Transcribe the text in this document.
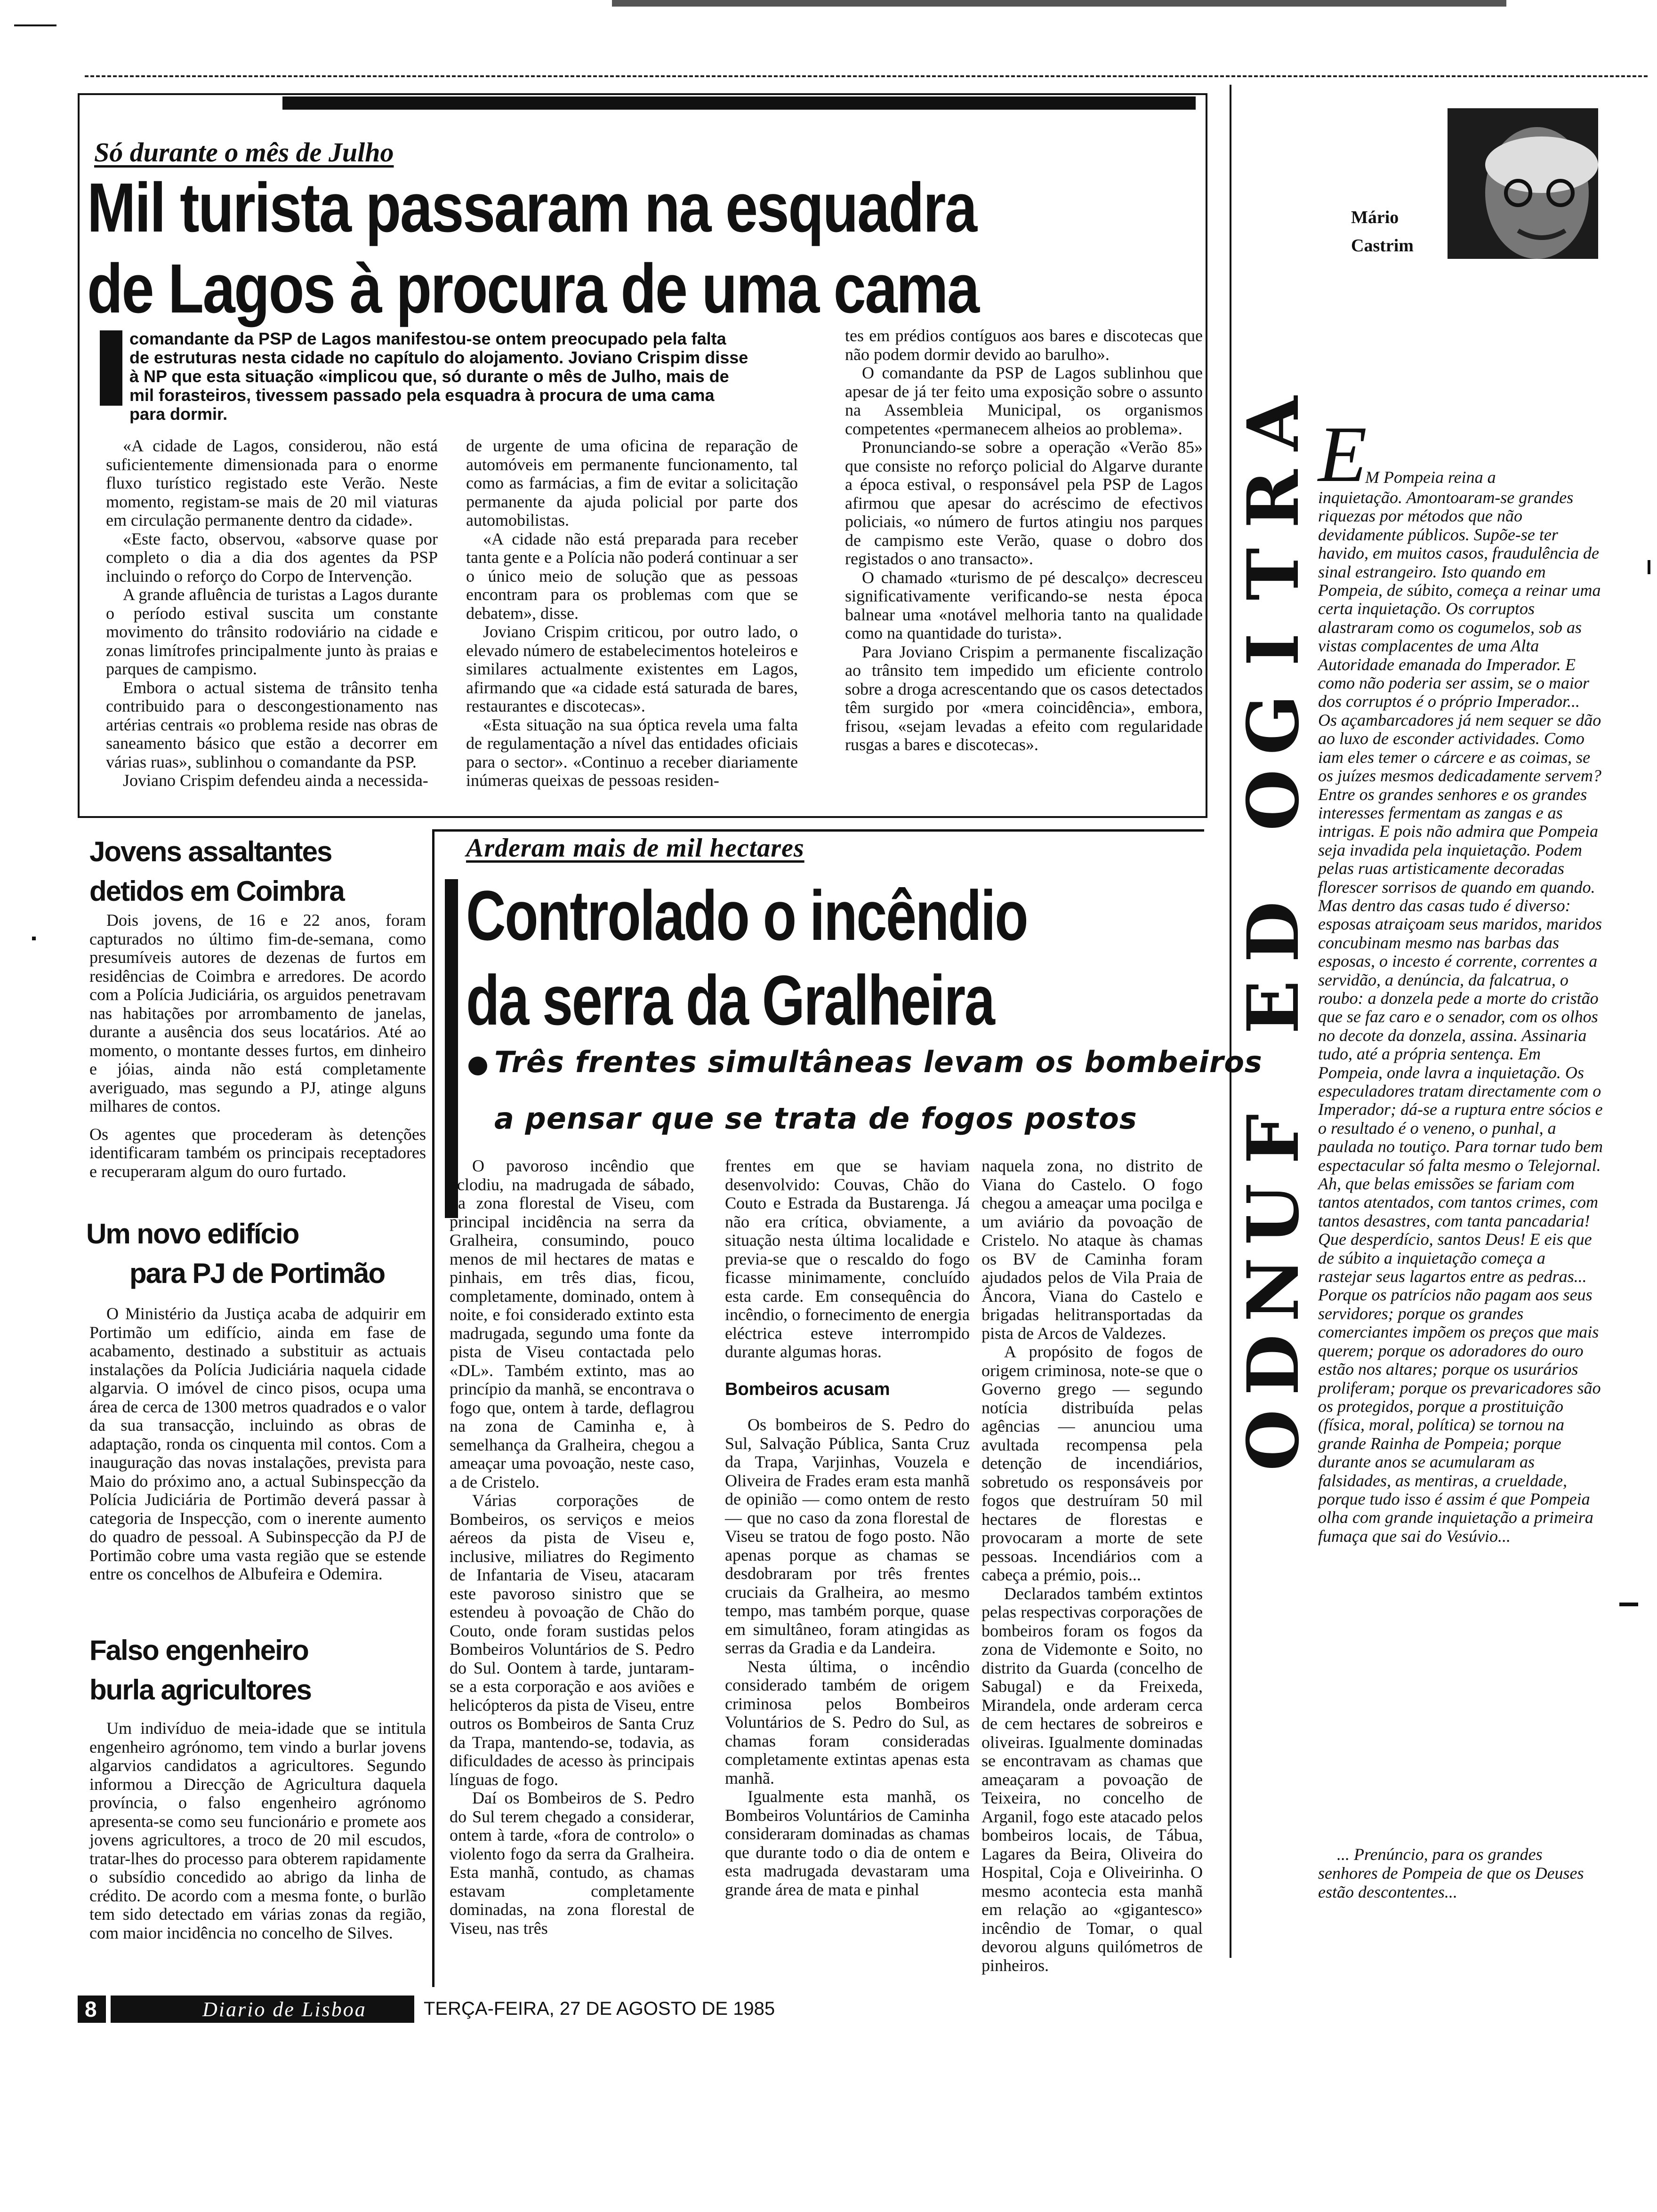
Só durante o mês de Julho
Mil turista passaram na esquadra
de Lagos à procura de uma cama
O	comandante da PSP de Lagos manifestou-se ontem preocupado pela falta de estruturas nesta cidade no capítulo do alojamento. Joviano Crispim disse à NP que esta situação «implicou que, só durante o mês de Julho, mais de mil forasteiros, tivessem passado pela esquadra à procura de uma cama para dormir.

«A cidade de Lagos, considerou, não está suficientemente dimensionada para o enorme fluxo turístico registado este Verão. Neste momento, registam-se mais de 20 mil viaturas em circulação permanente dentro da cidade».

«Este facto, observou, «absorve quase por completo o dia a dia dos agentes da PSP incluindo o reforço do Corpo de Intervenção.

A grande afluência de turistas a Lagos durante o período estival suscita um constante movimento do trânsito rodoviário na cidade e zonas limítrofes principalmente junto às praias e parques de campismo.

Embora o actual sistema de trânsito tenha contribuido para o descongestionamento nas artérias centrais «o problema reside nas obras de saneamento básico que estão a decorrer em várias ruas», sublinhou o comandante da PSP.

Joviano Crispim defendeu ainda a necessida-

de urgente de uma oficina de reparação de automóveis em permanente funcionamento, tal como as farmácias, a fim de evitar a solicitação permanente da ajuda policial por parte dos automobilistas.

«A cidade não está preparada para receber tanta gente e a Polícia não poderá continuar a ser o único meio de solução que as pessoas encontram para os problemas com que se debatem», disse.

Joviano Crispim criticou, por outro lado, o elevado número de estabelecimentos hoteleiros e similares actualmente existentes em Lagos, afirmando que «a cidade está saturada de bares, restaurantes e discotecas».

«Esta situação na sua óptica revela uma falta de regulamentação a nível das entidades oficiais para o sector». «Continuo a receber diariamente inúmeras queixas de pessoas residen-

tes em prédios contíguos aos bares e discotecas que não podem dormir devido ao barulho».

O comandante da PSP de Lagos sublinhou que apesar de já ter feito uma exposição sobre o assunto na Assembleia Municipal, os organismos competentes «permanecem alheios ao problema».

Pronunciando-se sobre a operação «Verão 85» que consiste no reforço policial do Algarve durante a época estival, o responsável pela PSP de Lagos afirmou que apesar do acréscimo de efectivos policiais, «o número de furtos atingiu nos parques de campismo este Verão, quase o dobro dos registados o ano transacto».

O chamado «turismo de pé descalço» decresceu significativamente verificando-se nesta época balnear uma «notável melhoria tanto na qualidade como na quantidade do turista».

Para Joviano Crispim a permanente fiscalização ao trânsito tem impedido um eficiente controlo sobre a droga acrescentando que os casos detectados têm surgido por «mera coincidência», embora, frisou, «sejam levadas a efeito com regularidade rusgas a bares e discotecas».

Jovens assaltantes
detidos em Coimbra

Dois jovens, de 16 e 22 anos, foram capturados no último fim-de-semana, como presumíveis autores de dezenas de furtos em residências de Coimbra e arredores. De acordo com a Polícia Judiciária, os arguidos penetravam nas habitações por arrombamento de janelas, durante a ausência dos seus locatários. Até ao momento, o montante desses furtos, em dinheiro e jóias, ainda não está completamente averiguado, mas segundo a PJ, atinge alguns milhares de contos.

Os agentes que procederam às detenções identificaram também os principais receptadores e recuperaram algum do ouro furtado.

Um novo edifício
para PJ de Portimão

O Ministério da Justiça acaba de adquirir em Portimão um edifício, ainda em fase de acabamento, destinado a substituir as actuais instalações da Polícia Judiciária naquela cidade algarvia. O imóvel de cinco pisos, ocupa uma área de cerca de 1300 metros quadrados e o valor da sua transacção, incluindo as obras de adaptação, ronda os cinquenta mil contos. Com a inauguração das novas instalações, prevista para Maio do próximo ano, a actual Subinspecção da Polícia Judiciária de Portimão deverá passar à categoria de Inspecção, com o inerente aumento do quadro de pessoal. A Subinspecção da PJ de Portimão cobre uma vasta região que se estende entre os concelhos de Albufeira e Odemira.

Falso engenheiro
burla agricultores

Um indivíduo de meia-idade que se intitula engenheiro agrónomo, tem vindo a burlar jovens algarvios candidatos a agricultores. Segundo informou a Direcção de Agricultura daquela província, o falso engenheiro agrónomo apresenta-se como seu funcionário e promete aos jovens agricultores, a troco de 20 mil escudos, tratar-lhes do processo para obterem rapidamente o subsídio concedido ao abrigo da linha de crédito. De acordo com a mesma fonte, o burlão tem sido detectado em várias zonas da região, com maior incidência no concelho de Silves.

Arderam mais de mil hectares
Controlado o incêndio
da serra da Gralheira
Três frentes simultâneas levam os bombeiros
a pensar que se trata de fogos postos

O pavoroso incêndio que eclodiu, na madrugada de sábado, na zona florestal de Viseu, com principal incidência na serra da Gralheira, consumindo, pouco menos de mil hectares de matas e pinhais, em três dias, ficou, completamente, dominado, ontem à noite, e foi considerado extinto esta madrugada, segundo uma fonte da pista de Viseu contactada pelo «DL». Também extinto, mas ao princípio da manhã, se encontrava o fogo que, ontem à tarde, deflagrou na zona de Caminha e, à semelhança da Gralheira, chegou a ameaçar uma povoação, neste caso, a de Cristelo.

Várias corporações de Bombeiros, os serviços e meios aéreos da pista de Viseu e, inclusive, miliatres do Regimento de Infantaria de Viseu, atacaram este pavoroso sinistro que se estendeu à povoação de Chão do Couto, onde foram sustidas pelos Bombeiros Voluntários de S. Pedro do Sul. Oontem à tarde, juntaram-se a esta corporação e aos aviões e helicópteros da pista de Viseu, entre outros os Bombeiros de Santa Cruz da Trapa, mantendo-se, todavia, as dificuldades de acesso às principais línguas de fogo.

Daí os Bombeiros de S. Pedro do Sul terem chegado a considerar, ontem à tarde, «fora de controlo» o violento fogo da serra da Gralheira. Esta manhã, contudo, as chamas estavam completamente dominadas, na zona florestal de Viseu, nas três

frentes em que se haviam desenvolvido: Couvas, Chão do Couto e Estrada da Bustarenga. Já não era crítica, obviamente, a situação nesta última localidade e previa-se que o rescaldo do fogo ficasse minimamente, concluído esta carde. Em consequência do incêndio, o fornecimento de energia eléctrica esteve interrompido durante algumas horas.

Bombeiros acusam

Os bombeiros de S. Pedro do Sul, Salvação Pública, Santa Cruz da Trapa, Varjinhas, Vouzela e Oliveira de Frades eram esta manhã de opinião — como ontem de resto — que no caso da zona florestal de Viseu se tratou de fogo posto. Não apenas porque as chamas se desdobraram por três frentes cruciais da Gralheira, ao mesmo tempo, mas também porque, quase em simultâneo, foram atingidas as serras da Gradia e da Landeira.

Nesta última, o incêndio considerado também de origem criminosa pelos Bombeiros Voluntários de S. Pedro do Sul, as chamas foram consideradas completamente extintas apenas esta manhã.

Igualmente esta manhã, os Bombeiros Voluntários de Caminha consideraram dominadas as chamas que durante todo o dia de ontem e esta madrugada devastaram uma grande área de mata e pinhal

naquela zona, no distrito de Viana do Castelo. O fogo chegou a ameaçar uma pocilga e um aviário da povoação de Cristelo. No ataque às chamas os BV de Caminha foram ajudados pelos de Vila Praia de Âncora, Viana do Castelo e brigadas helitransportadas da pista de Arcos de Valdezes.

A propósito de fogos de origem criminosa, note-se que o Governo grego — segundo notícia distribuída pelas agências — anunciou uma avultada recompensa pela detenção de incendiários, sobretudo os responsáveis por fogos que destruíram 50 mil hectares de florestas e provocaram a morte de sete pessoas. Incendiários com a cabeça a prémio, pois...

Declarados também extintos pelas respectivas corporações de bombeiros foram os fogos da zona de Videmonte e Soito, no distrito da Guarda (concelho de Sabugal) e da Freixeda, Mirandela, onde arderam cerca de cem hectares de sobreiros e oliveiras. Igualmente dominadas se encontravam as chamas que ameaçaram a povoação de Teixeira, no concelho de Arganil, fogo este atacado pelos bombeiros locais, de Tábua, Lagares da Beira, Oliveira do Hospital, Coja e Oliveirinha. O mesmo acontecia esta manhã em relação ao «gigantesco» incêndio de Tomar, o qual devorou alguns quilómetros de pinheiros.

A
R
T
I
G
O
D
E
F
U
N
D
O
Mário
Castrim
E
M Pompeia reina a
inquietação. Amontoaram-se grandes riquezas por métodos que não devidamente públicos. Supõe-se ter havido, em muitos casos, fraudulência de sinal estrangeiro. Isto quando em Pompeia, de súbito, começa a reinar uma certa inquietação. Os corruptos alastraram como os cogumelos, sob as vistas complacentes de uma Alta Autoridade emanada do Imperador. E como não poderia ser assim, se o maior dos corruptos é o próprio Imperador... Os açambarcadores já nem sequer se dão ao luxo de esconder actividades. Como iam eles temer o cárcere e as coimas, se os juízes mesmos dedicadamente servem? Entre os grandes senhores e os grandes interesses fermentam as zangas e as intrigas. E pois não admira que Pompeia seja invadida pela inquietação. Podem pelas ruas artisticamente decoradas florescer sorrisos de quando em quando. Mas dentro das casas tudo é diverso: esposas atraiçoam seus maridos, maridos concubinam mesmo nas barbas das esposas, o incesto é corrente, correntes a servidão, a denúncia, da falcatrua, o roubo: a donzela pede a morte do cristão que se faz caro e o senador, com os olhos no decote da donzela, assina. Assinaria tudo, até a própria sentença. Em Pompeia, onde lavra a inquietação. Os especuladores tratam directamente com o Imperador; dá-se a ruptura entre sócios e o resultado é o veneno, o punhal, a paulada no toutiço. Para tornar tudo bem espectacular só falta mesmo o Telejornal. Ah, que belas emissões se fariam com tantos atentados, com tantos crimes, com tantos desastres, com tanta pancadaria! Que desperdício, santos Deus! E eis que de súbito a inquietação começa a rastejar seus lagartos entre as pedras... Porque os patrícios não pagam aos seus servidores; porque os grandes comerciantes impõem os preços que mais querem; porque os adoradores do ouro estão nos altares; porque os usurários proliferam; porque os prevaricadores são os protegidos, porque a prostituição (física, moral, política) se tornou na grande Rainha de Pompeia; porque durante anos se acumularam as falsidades, as mentiras, a crueldade, porque tudo isso é assim é que Pompeia olha com grande inquietação a primeira fumaça que sai do Vesúvio...
... Prenúncio, para os grandes senhores de Pompeia de que os Deuses estão descontentes...
8	Diario de Lisboa	TERÇA-FEIRA, 27 DE AGOSTO DE 1985
